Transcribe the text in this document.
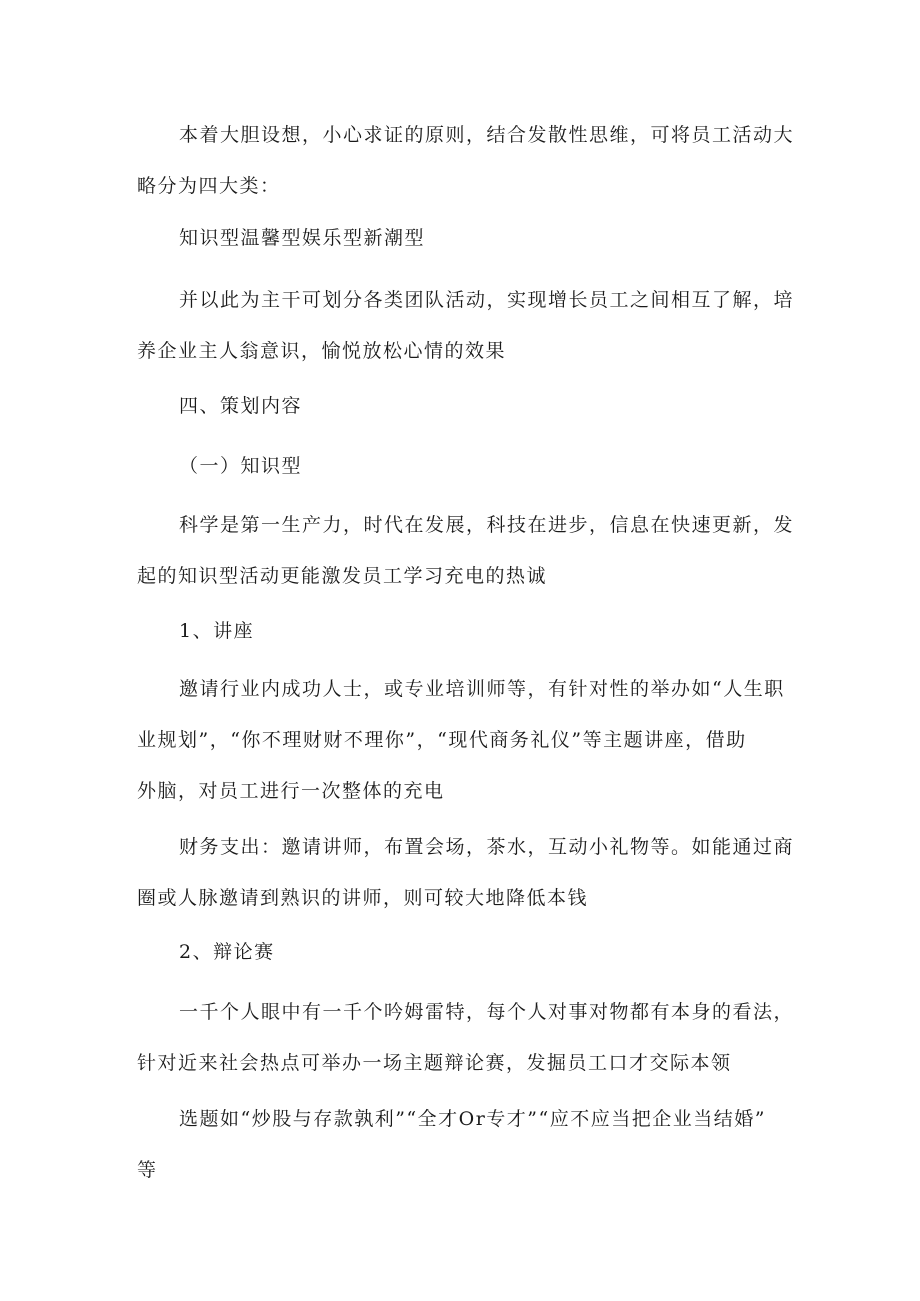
本着大胆设想，小心求证的原则，结合发散性思维，可将员工活动大
略分为四大类：

知识型温馨型娱乐型新潮型

并以此为主干可划分各类团队活动，实现增长员工之间相互了解，培
养企业主人翁意识，愉悦放松心情的效果

四、策划内容

（一）知识型

科学是第一生产力，时代在发展，科技在进步，信息在快速更新，发
起的知识型活动更能激发员工学习充电的热诚

1、讲座

邀请行业内成功人士，或专业培训师等，有针对性的举办如“人生职
业规划”，“你不理财财不理你”，“现代商务礼仪”等主题讲座，借助
外脑，对员工进行一次整体的充电

财务支出：邀请讲师，布置会场，茶水，互动小礼物等。如能通过商
圈或人脉邀请到熟识的讲师，则可较大地降低本钱

2、辩论赛

一千个人眼中有一千个吟姆雷特，每个人对事对物都有本身的看法，
针对近来社会热点可举办一场主题辩论赛，发掘员工口才交际本领

选题如“炒股与存款孰利”“全才Or专才”“应不应当把企业当结婚”
等
